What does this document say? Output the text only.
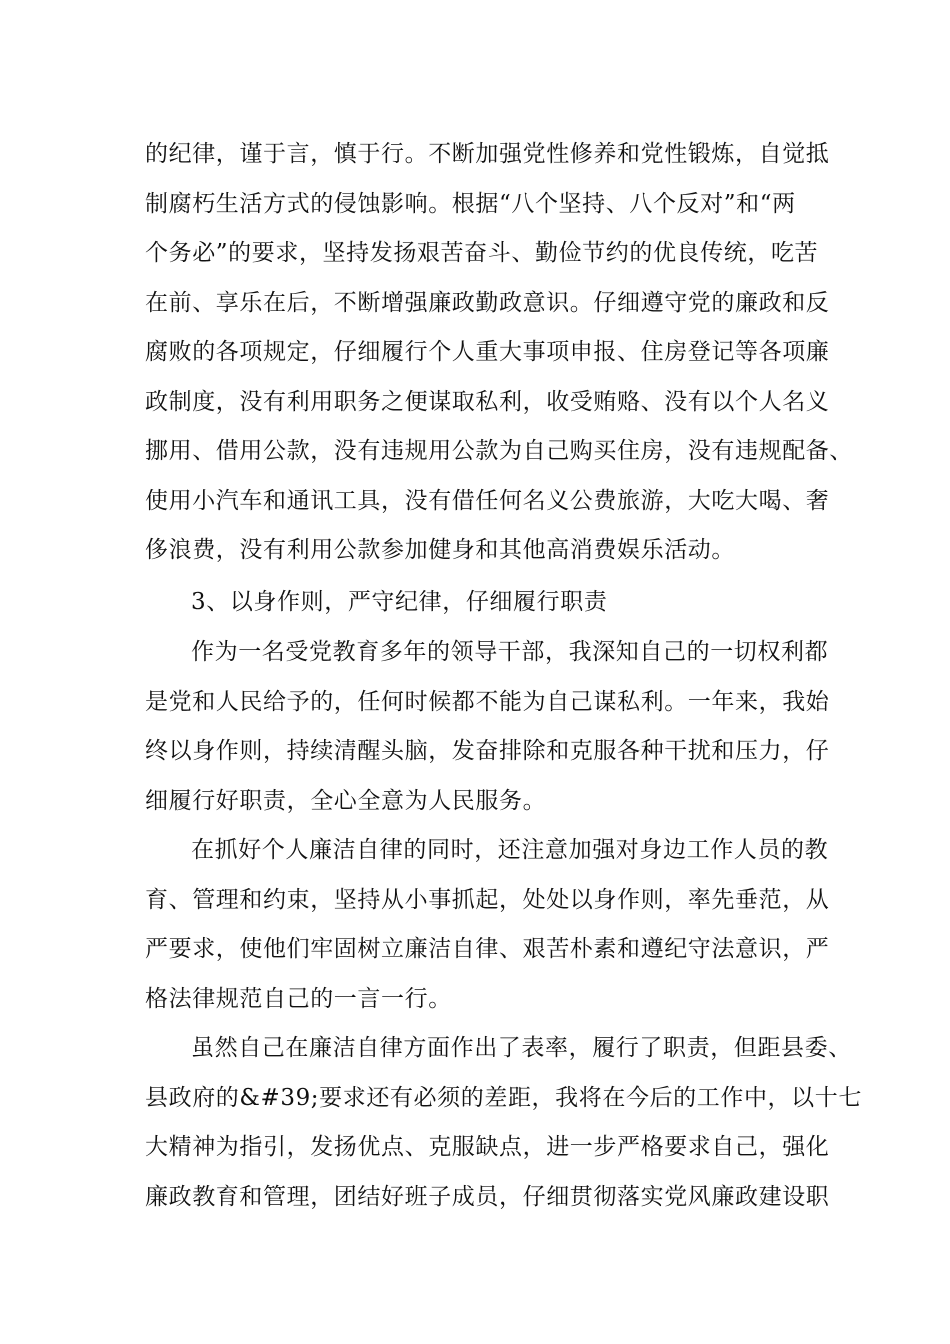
的纪律，谨于言，慎于行。不断加强党性修养和党性锻炼，自觉抵
制腐朽生活方式的侵蚀影响。根据“八个坚持、八个反对”和“两
个务必”的要求，坚持发扬艰苦奋斗、勤俭节约的优良传统，吃苦
在前、享乐在后，不断增强廉政勤政意识。仔细遵守党的廉政和反
腐败的各项规定，仔细履行个人重大事项申报、住房登记等各项廉
政制度，没有利用职务之便谋取私利，收受贿赂、没有以个人名义
挪用、借用公款，没有违规用公款为自己购买住房，没有违规配备、
使用小汽车和通讯工具，没有借任何名义公费旅游，大吃大喝、奢
侈浪费，没有利用公款参加健身和其他高消费娱乐活动。
3、以身作则，严守纪律，仔细履行职责
作为一名受党教育多年的领导干部，我深知自己的一切权利都
是党和人民给予的，任何时候都不能为自己谋私利。一年来，我始
终以身作则，持续清醒头脑，发奋排除和克服各种干扰和压力，仔
细履行好职责，全心全意为人民服务。
在抓好个人廉洁自律的同时，还注意加强对身边工作人员的教
育、管理和约束，坚持从小事抓起，处处以身作则，率先垂范，从
严要求，使他们牢固树立廉洁自律、艰苦朴素和遵纪守法意识，严
格法律规范自己的一言一行。
虽然自己在廉洁自律方面作出了表率，履行了职责，但距县委、
县政府的&#39;要求还有必须的差距，我将在今后的工作中，以十七
大精神为指引，发扬优点、克服缺点，进一步严格要求自己，强化
廉政教育和管理，团结好班子成员，仔细贯彻落实党风廉政建设职
